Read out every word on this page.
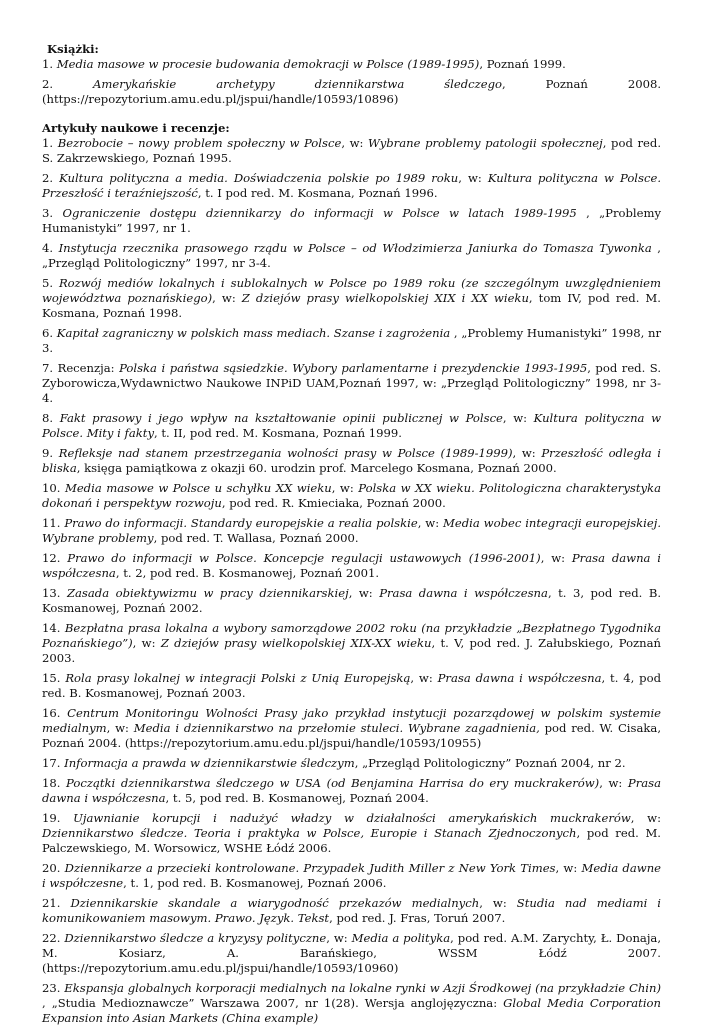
Książki:

1. Media masowe w procesie budowania demokracji w Polsce (1989-1995), Poznań 1999.

2.	Amerykańskie archetypy dziennikarstwa śledczego, Poznań 2008. (https://repozytorium.amu.edu.pl/jspui/handle/10593/10896)

Artykuły naukowe i recenzje:

1. Bezrobocie – nowy problem społeczny w Polsce, w: Wybrane problemy patologii społecznej, pod red. S. Zakrzewskiego, Poznań 1995.

2. Kultura polityczna a media. Doświadczenia polskie po 1989 roku, w: Kultura polityczna w Polsce. Przeszłość i teraźniejszość, t. I pod red. M. Kosmana, Poznań 1996.

3. Ograniczenie dostępu dziennikarzy do informacji w Polsce w latach 1989-1995 , „Problemy Humanistyki” 1997, nr 1.

4. Instytucja rzecznika prasowego rządu w Polsce – od Włodzimierza Janiurka do Tomasza Tywonka , „Przegląd Politologiczny” 1997, nr 3-4.

5. Rozwój mediów lokalnych i sublokalnych w Polsce po 1989 roku (ze szczególnym uwzględnieniem województwa poznańskiego), w: Z dziejów prasy wielkopolskiej XIX i XX wieku, tom IV, pod red. M. Kosmana, Poznań 1998.

6. Kapitał zagraniczny w polskich mass mediach. Szanse i zagrożenia , „Problemy Humanistyki” 1998, nr 3.

7. Recenzja: Polska i państwa sąsiedzkie. Wybory parlamentarne i prezydenckie 1993-1995, pod red. S. Zyborowicza,Wydawnictwo Naukowe INPiD UAM,Poznań 1997, w: „Przegląd Politologiczny” 1998, nr 3-4.

8. Fakt prasowy i jego wpływ na kształtowanie opinii publicznej w Polsce, w: Kultura polityczna w Polsce. Mity i fakty, t. II, pod red. M. Kosmana, Poznań 1999.

9. Refleksje nad stanem przestrzegania wolności prasy w Polsce (1989-1999), w: Przeszłość odległa i bliska, księga pamiątkowa z okazji 60. urodzin prof. Marcelego Kosmana, Poznań 2000.

10. Media masowe w Polsce u schyłku XX wieku, w: Polska w XX wieku. Politologiczna charakterystyka dokonań i perspektyw rozwoju, pod red. R. Kmieciaka, Poznań 2000.

11. Prawo do informacji. Standardy europejskie a realia polskie, w: Media wobec integracji europejskiej. Wybrane problemy, pod red. T. Wallasa, Poznań 2000.

12. Prawo do informacji w Polsce. Koncepcje regulacji ustawowych (1996-2001), w: Prasa dawna i współczesna, t. 2, pod red. B. Kosmanowej, Poznań 2001.

13. Zasada obiektywizmu w pracy dziennikarskiej, w: Prasa dawna i współczesna, t. 3, pod red. B. Kosmanowej, Poznań 2002.

14. Bezpłatna prasa lokalna a wybory samorządowe 2002 roku (na przykładzie „Bezpłatnego Tygodnika Poznańskiego”), w: Z dziejów prasy wielkopolskiej XIX-XX wieku, t. V, pod red. J. Załubskiego, Poznań 2003.

15. Rola prasy lokalnej w integracji Polski z Unią Europejską, w: Prasa dawna i współczesna, t. 4, pod red. B. Kosmanowej, Poznań 2003.

16. Centrum Monitoringu Wolności Prasy jako przykład instytucji pozarządowej w polskim systemie medialnym, w: Media i dziennikarstwo na przełomie stuleci. Wybrane zagadnienia, pod red. W. Cisaka, Poznań 2004. (https://repozytorium.amu.edu.pl/jspui/handle/10593/10955)

17. Informacja a prawda w dziennikarstwie śledczym, „Przegląd Politologiczny” Poznań 2004, nr 2.

18. Początki dziennikarstwa śledczego w USA (od Benjamina Harrisa do ery muckrakerów), w: Prasa dawna i współczesna, t. 5, pod red. B. Kosmanowej, Poznań 2004.

19. Ujawnianie korupcji i nadużyć władzy w działalności amerykańskich muckrakerów, w: Dziennikarstwo śledcze. Teoria i praktyka w Polsce, Europie i Stanach Zjednoczonych, pod red. M. Palczewskiego, M. Worsowicz, WSHE Łódź 2006.

20. Dziennikarze a przecieki kontrolowane. Przypadek Judith Miller z New York Times, w: Media dawne i współczesne, t. 1, pod red. B. Kosmanowej, Poznań 2006.

21. Dziennikarskie skandale a wiarygodność przekazów medialnych, w: Studia nad mediami i komunikowaniem masowym. Prawo. Język. Tekst, pod red. J. Fras, Toruń 2007.

22. Dziennikarstwo śledcze a kryzysy polityczne, w: Media a polityka, pod red. A.M. Zarychty, Ł. Donaja, M. Kosiarz, A. Barańskiego, WSSM Łódź 2007. (https://repozytorium.amu.edu.pl/jspui/handle/10593/10960)

23. Ekspansja globalnych korporacji medialnych na lokalne rynki w Azji Środkowej (na przykładzie Chin) , „Studia Medioznawcze” Warszawa 2007, nr 1(28). Wersja anglojęzyczna: Global Media Corporation Expansion into Asian Markets (China example)
